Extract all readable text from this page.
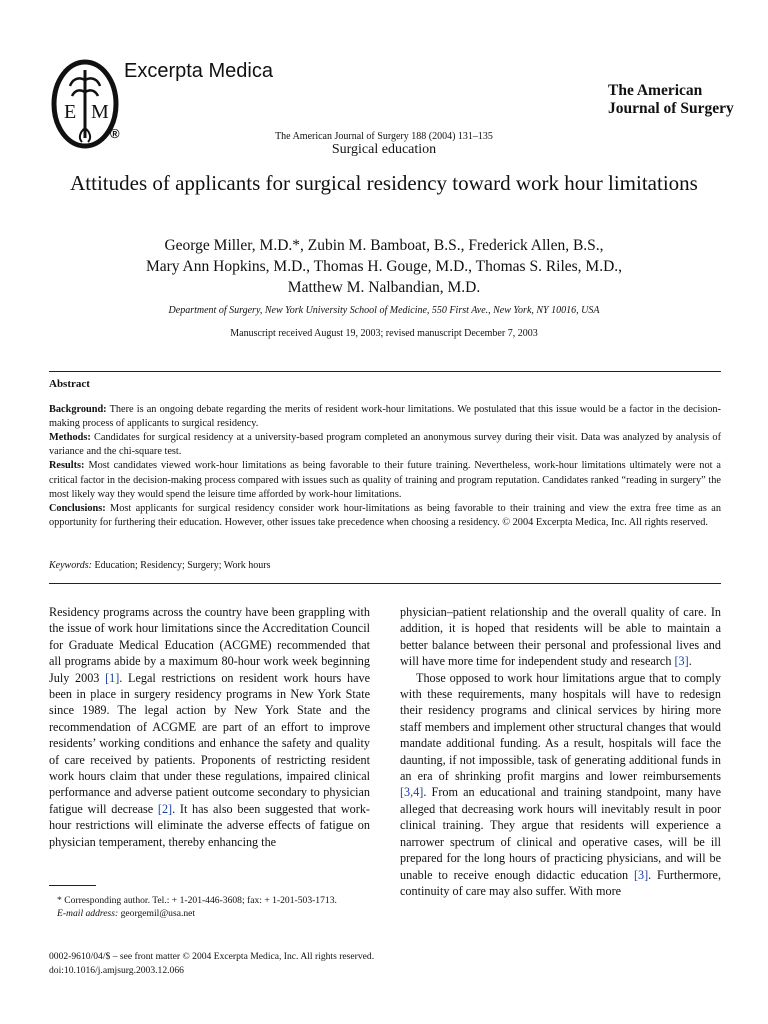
E M
Excerpta Medica
®
The American
Journal of Surgery
The American Journal of Surgery 188 (2004) 131–135
Surgical education
Attitudes of applicants for surgical residency toward work hour limitations
George Miller, M.D.*, Zubin M. Bamboat, B.S., Frederick Allen, B.S.,
Mary Ann Hopkins, M.D., Thomas H. Gouge, M.D., Thomas S. Riles, M.D.,
Matthew M. Nalbandian, M.D.
Department of Surgery, New York University School of Medicine, 550 First Ave., New York, NY 10016, USA
Manuscript received August 19, 2003; revised manuscript December 7, 2003
Abstract

Background: There is an ongoing debate regarding the merits of resident work-hour limitations. We postulated that this issue would be a factor in the decision-making process of applicants to surgical residency.

Methods: Candidates for surgical residency at a university-based program completed an anonymous survey during their visit. Data was analyzed by analysis of variance and the chi-square test.

Results: Most candidates viewed work-hour limitations as being favorable to their future training. Nevertheless, work-hour limitations ultimately were not a critical factor in the decision-making process compared with issues such as quality of training and program reputation. Candidates ranked “reading in surgery” the most likely way they would spend the leisure time afforded by work-hour limitations.

Conclusions: Most applicants for surgical residency consider work hour-limitations as being favorable to their training and view the extra free time as an opportunity for furthering their education. However, other issues take precedence when choosing a residency. © 2004 Excerpta Medica, Inc. All rights reserved.

Keywords: Education; Residency; Surgery; Work hours

Residency programs across the country have been grappling with the issue of work hour limitations since the Accreditation Council for Graduate Medical Education (ACGME) recommended that all programs abide by a maximum 80-hour work week beginning July 2003 [1]. Legal restrictions on resident work hours have been in place in surgery residency programs in New York State since 1989. The legal action by New York State and the recommendation of ACGME are part of an effort to improve residents’ working conditions and enhance the safety and quality of care received by patients. Proponents of restricting resident work hours claim that under these regulations, impaired clinical performance and adverse patient outcome secondary to physician fatigue will decrease [2]. It has also been suggested that work-hour restrictions will eliminate the adverse effects of fatigue on physician temperament, thereby enhancing the

physician–patient relationship and the overall quality of care. In addition, it is hoped that residents will be able to maintain a better balance between their personal and professional lives and will have more time for independent study and research [3].

Those opposed to work hour limitations argue that to comply with these requirements, many hospitals will have to redesign their residency programs and clinical services by hiring more staff members and implement other structural changes that would mandate additional funding. As a result, hospitals will face the daunting, if not impossible, task of generating additional funds in an era of shrinking profit margins and lower reimbursements [3,4]. From an educational and training standpoint, many have alleged that decreasing work hours will inevitably result in poor clinical training. They argue that residents will experience a narrower spectrum of clinical and operative cases, will be ill prepared for the long hours of practicing physicians, and will be unable to receive enough didactic education [3]. Furthermore, continuity of care may also suffer. With more

* Corresponding author. Tel.: + 1-201-446-3608; fax: + 1-201-503-1713.
E-mail address: georgemil@usa.net
0002-9610/04/$ – see front matter © 2004 Excerpta Medica, Inc. All rights reserved.
doi:10.1016/j.amjsurg.2003.12.066
